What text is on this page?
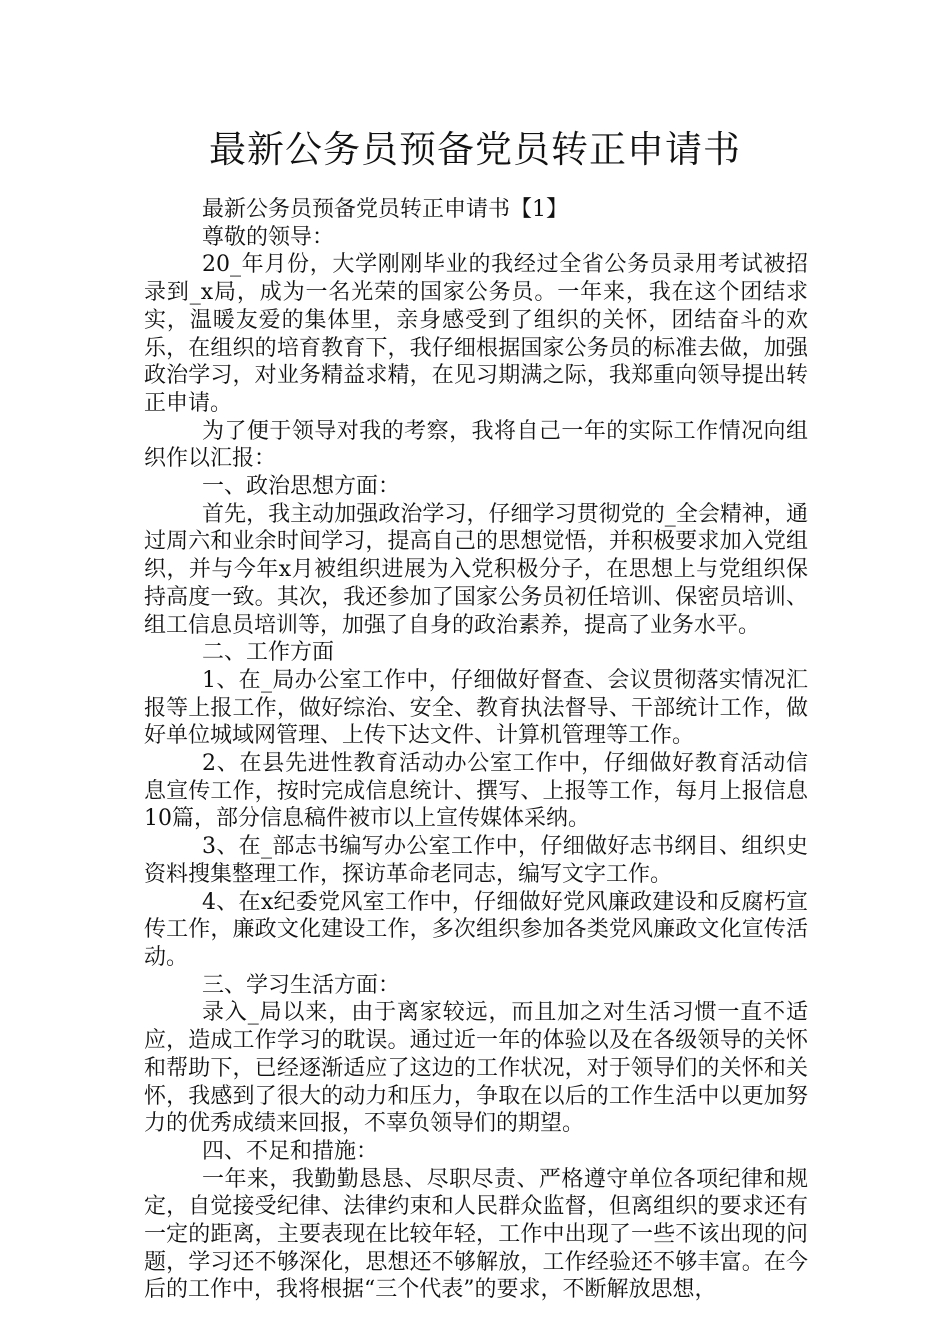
最新公务员预备党员转正申请书

最新公务员预备党员转正申请书【1】

尊敬的领导：

20_年月份，大学刚刚毕业的我经过全省公务员录用考试被招录到_x局，成为一名光荣的国家公务员。一年来，我在这个团结求实，温暖友爱的集体里，亲身感受到了组织的关怀，团结奋斗的欢乐，在组织的培育教育下，我仔细根据国家公务员的标准去做，加强政治学习，对业务精益求精，在见习期满之际，我郑重向领导提出转正申请。

为了便于领导对我的考察，我将自己一年的实际工作情况向组织作以汇报：

一、政治思想方面：

首先，我主动加强政治学习，仔细学习贯彻党的_全会精神，通过周六和业余时间学习，提高自己的思想觉悟，并积极要求加入党组织，并与今年x月被组织进展为入党积极分子，在思想上与党组织保持高度一致。其次，我还参加了国家公务员初任培训、保密员培训、组工信息员培训等，加强了自身的政治素养，提高了业务水平。

二、工作方面

1、在_局办公室工作中，仔细做好督查、会议贯彻落实情况汇报等上报工作，做好综治、安全、教育执法督导、干部统计工作，做好单位城域网管理、上传下达文件、计算机管理等工作。

2、在县先进性教育活动办公室工作中，仔细做好教育活动信息宣传工作，按时完成信息统计、撰写、上报等工作，每月上报信息10篇，部分信息稿件被市以上宣传媒体采纳。

3、在_部志书编写办公室工作中，仔细做好志书纲目、组织史资料搜集整理工作，探访革命老同志，编写文字工作。

4、在x纪委党风室工作中，仔细做好党风廉政建设和反腐朽宣传工作，廉政文化建设工作，多次组织参加各类党风廉政文化宣传活动。

三、学习生活方面：

录入_局以来，由于离家较远，而且加之对生活习惯一直不适应，造成工作学习的耽误。通过近一年的体验以及在各级领导的关怀和帮助下，已经逐渐适应了这边的工作状况，对于领导们的关怀和关怀，我感到了很大的动力和压力，争取在以后的工作生活中以更加努力的优秀成绩来回报，不辜负领导们的期望。

四、不足和措施：

一年来，我勤勤恳恳、尽职尽责、严格遵守单位各项纪律和规定，自觉接受纪律、法律约束和人民群众监督，但离组织的要求还有一定的距离，主要表现在比较年轻，工作中出现了一些不该出现的问题，学习还不够深化，思想还不够解放，工作经验还不够丰富。在今后的工作中，我将根据“三个代表”的要求，不断解放思想，
